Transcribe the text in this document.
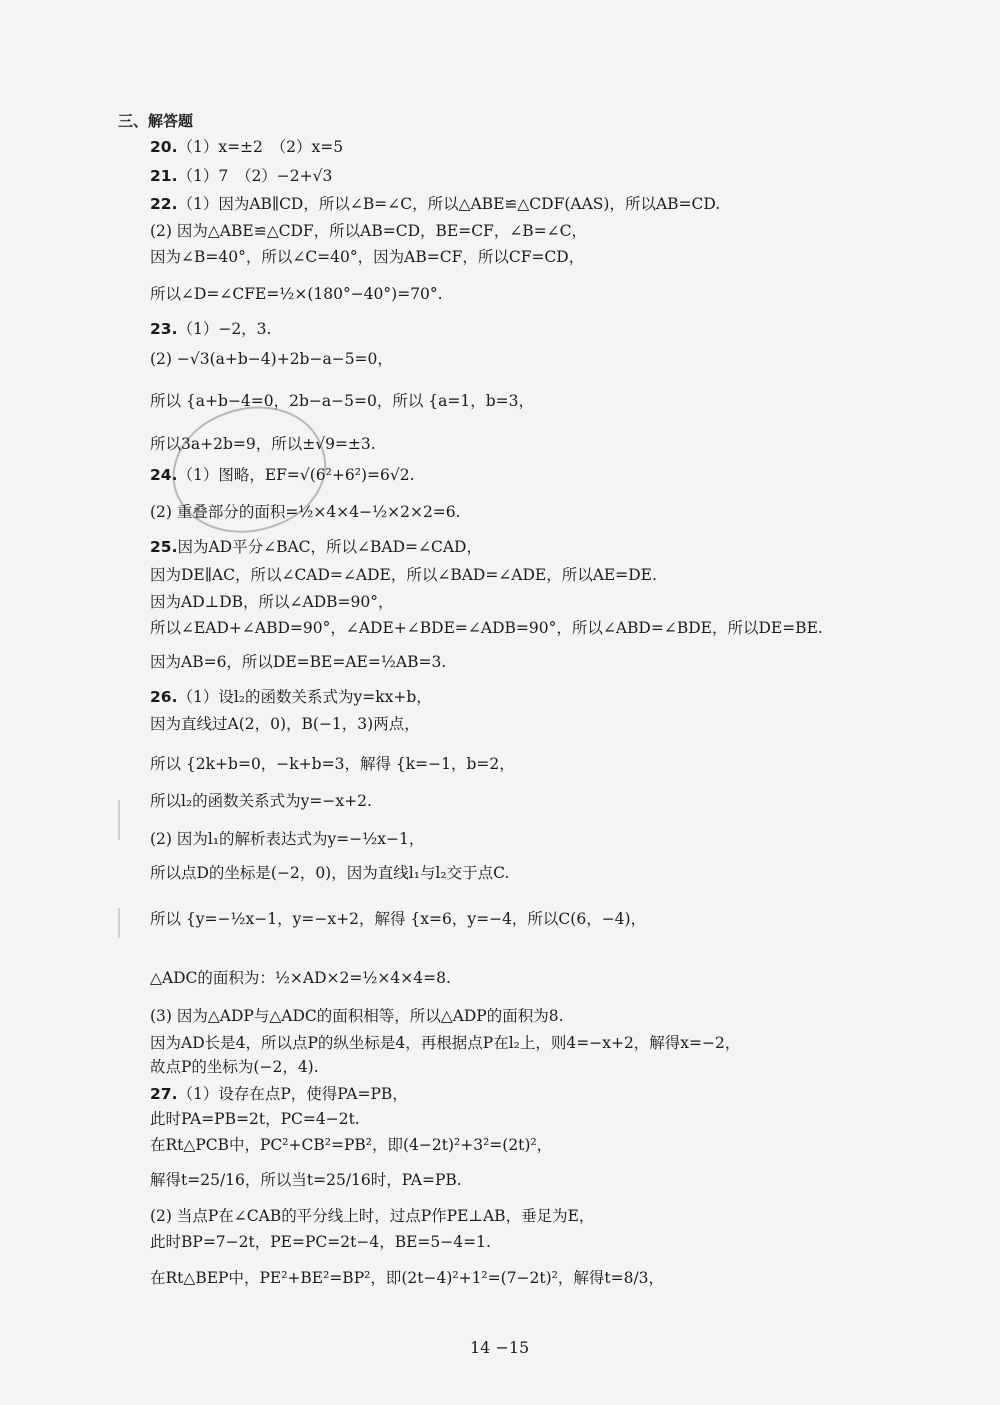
三、解答题
20.（1）x=±2　（2）x=5
21.（1）7　（2）−2+√3
22.（1）因为AB∥CD，所以∠B=∠C，所以△ABE≌△CDF(AAS)，所以AB=CD.
(2) 因为△ABE≌△CDF，所以AB=CD，BE=CF，∠B=∠C，
因为∠B=40°，所以∠C=40°，因为AB=CF，所以CF=CD，
所以∠D=∠CFE=½×(180°−40°)=70°.
23.（1）−2，3.
(2) −√3(a+b−4)+2b−a−5=0，
所以 {a+b−4=0，2b−a−5=0，所以 {a=1，b=3，
所以3a+2b=9，所以±√9=±3.
24.（1）图略，EF=√(6²+6²)=6√2.
(2) 重叠部分的面积=½×4×4−½×2×2=6.
25.因为AD平分∠BAC，所以∠BAD=∠CAD，
因为DE∥AC，所以∠CAD=∠ADE，所以∠BAD=∠ADE，所以AE=DE.
因为AD⊥DB，所以∠ADB=90°，
所以∠EAD+∠ABD=90°，∠ADE+∠BDE=∠ADB=90°，所以∠ABD=∠BDE，所以DE=BE.
因为AB=6，所以DE=BE=AE=½AB=3.
26.（1）设l₂的函数关系式为y=kx+b，
因为直线过A(2，0)，B(−1，3)两点，
所以 {2k+b=0，−k+b=3，解得 {k=−1，b=2，
所以l₂的函数关系式为y=−x+2.
(2) 因为l₁的解析表达式为y=−½x−1，
所以点D的坐标是(−2，0)，因为直线l₁与l₂交于点C.
所以 {y=−½x−1，y=−x+2，解得 {x=6，y=−4，所以C(6，−4)，
△ADC的面积为：½×AD×2=½×4×4=8.
(3) 因为△ADP与△ADC的面积相等，所以△ADP的面积为8.
因为AD长是4，所以点P的纵坐标是4，再根据点P在l₂上，则4=−x+2，解得x=−2，
故点P的坐标为(−2，4).
27.（1）设存在点P，使得PA=PB，
此时PA=PB=2t，PC=4−2t.
在Rt△PCB中，PC²+CB²=PB²，即(4−2t)²+3²=(2t)²，
解得t=25/16，所以当t=25/16时，PA=PB.
(2) 当点P在∠CAB的平分线上时，过点P作PE⊥AB，垂足为E，
此时BP=7−2t，PE=PC=2t−4，BE=5−4=1.
在Rt△BEP中，PE²+BE²=BP²，即(2t−4)²+1²=(7−2t)²，解得t=8/3，
14 −15
